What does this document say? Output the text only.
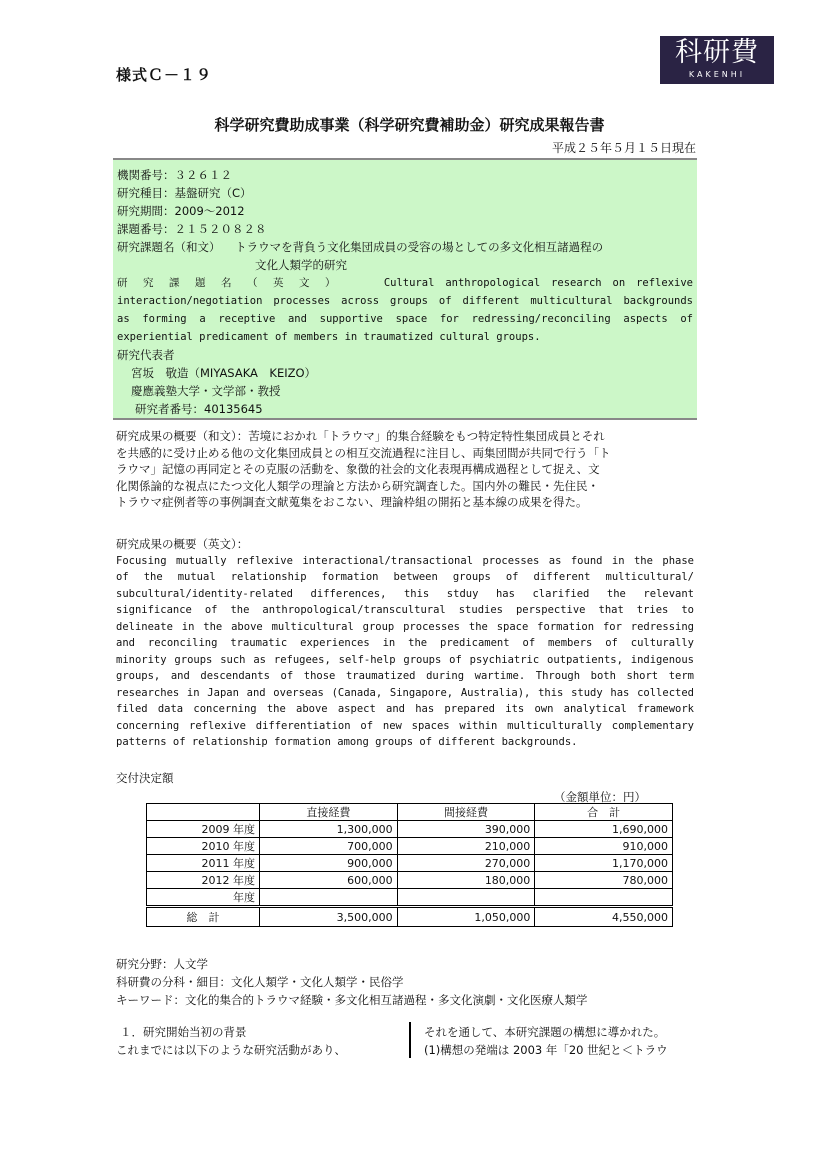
様式Ｃ－１９
科研費
KAKENHI
科学研究費助成事業（科学研究費補助金）研究成果報告書
平成２５年５月１５日現在
機関番号：３２６１２
研究種目：基盤研究（C）
研究期間：2009～2012
課題番号：２１５２０８２８
研究課題名（和文） トラウマを背負う文化集団成員の受容の場としての多文化相互諸過程の
文化人類学的研究
研 究 課 題 名 （ 英 文 ）	Cultural anthropological research on reflexive
interaction/negotiation processes across groups of different multicultural backgrounds
as forming a receptive and supportive space for redressing/reconciling aspects of
experiential predicament of members in traumatized cultural groups.
研究代表者
宮坂　敬造（MIYASAKA　KEIZO）
慶應義塾大学・文学部・教授
研究者番号：40135645
研究成果の概要（和文）：苦境におかれ「トラウマ」的集合経験をもつ特定特性集団成員とそれ
を共感的に受け止める他の文化集団成員との相互交流過程に注目し、両集団間が共同で行う「ト
ラウマ」記憶の再同定とその克服の活動を、象徴的社会的文化表現再構成過程として捉え、文
化関係論的な視点にたつ文化人類学の理論と方法から研究調査した。国内外の難民・先住民・
トラウマ症例者等の事例調査文献蒐集をおこない、理論枠組の開拓と基本線の成果を得た。
研究成果の概要（英文）：
Focusing mutually reflexive interactional/transactional processes as found in the phase
of the mutual relationship formation between groups of different multicultural/
subcultural/identity-related differences, this stduy has clarified the relevant
significance of the anthropological/transcultural studies perspective that tries to
delineate in the above multicultural group processes the space formation for redressing
and reconciling traumatic experiences in the predicament of members of culturally
minority groups such as refugees, self-help groups of psychiatric outpatients, indigenous
groups, and descendants of those traumatized during wartime. Through both short term
researches in Japan and overseas (Canada, Singapore, Australia), this study has collected
filed data concerning the above aspect and has prepared its own analytical framework
concerning reflexive differentiation of new spaces within multiculturally complementary
patterns of relationship formation among groups of different backgrounds.
交付決定額
（金額単位：円）
	直接経費	間接経費	合　計
2009 年度	1,300,000	390,000	1,690,000
2010 年度	700,000	210,000	910,000
2011 年度	900,000	270,000	1,170,000
2012 年度	600,000	180,000	780,000
年度			
総　計	3,500,000	1,050,000	4,550,000
研究分野：人文学
科研費の分科・細目：文化人類学・文化人類学・民俗学
キーワード：文化的集合的トラウマ経験・多文化相互諸過程・多文化演劇・文化医療人類学
１．研究開始当初の背景
これまでには以下のような研究活動があり、
それを通して、本研究課題の構想に導かれた。
(1)構想の発端は 2003 年「20 世紀と＜トラウ
